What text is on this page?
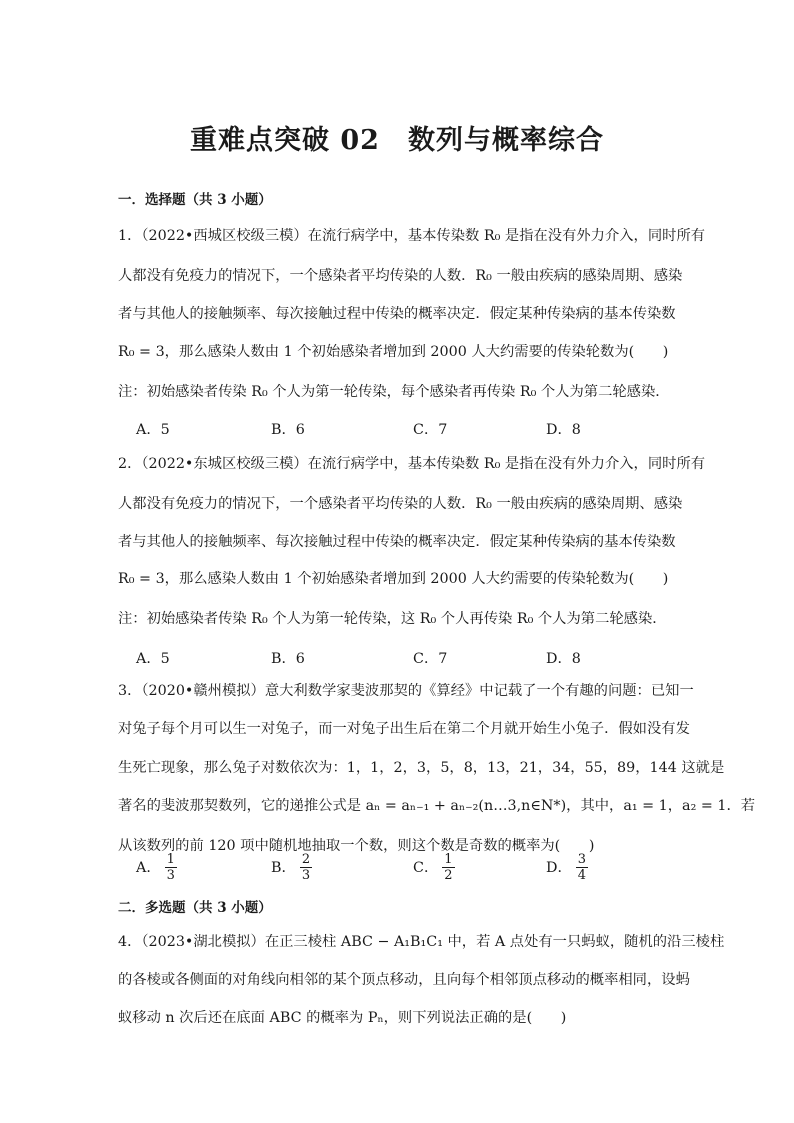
重难点突破 02　数列与概率综合
一．选择题（共 3 小题）
1．（2022•西城区校级三模）在流行病学中，基本传染数 R₀ 是指在没有外力介入，同时所有
人都没有免疫力的情况下，一个感染者平均传染的人数．R₀ 一般由疾病的感染周期、感染
者与其他人的接触频率、每次接触过程中传染的概率决定．假定某种传染病的基本传染数
R₀ = 3，那么感染人数由 1 个初始感染者增加到 2000 人大约需要的传染轮数为(　　)
注：初始感染者传染 R₀ 个人为第一轮传染，每个感染者再传染 R₀ 个人为第二轮感染．
A．5	B．6	C．7	D．8
2．（2022•东城区校级三模）在流行病学中，基本传染数 R₀ 是指在没有外力介入，同时所有
人都没有免疫力的情况下，一个感染者平均传染的人数．R₀ 一般由疾病的感染周期、感染
者与其他人的接触频率、每次接触过程中传染的概率决定．假定某种传染病的基本传染数
R₀ = 3，那么感染人数由 1 个初始感染者增加到 2000 人大约需要的传染轮数为(　　)
注：初始感染者传染 R₀ 个人为第一轮传染，这 R₀ 个人再传染 R₀ 个人为第二轮感染．
A．5	B．6	C．7	D．8
3．（2020•赣州模拟）意大利数学家斐波那契的《算经》中记载了一个有趣的问题：已知一
对兔子每个月可以生一对兔子，而一对兔子出生后在第二个月就开始生小兔子．假如没有发
生死亡现象，那么兔子对数依次为：1，1，2，3，5，8，13，21，34，55，89，144 这就是
著名的斐波那契数列，它的递推公式是 aₙ = aₙ₋₁ + aₙ₋₂(n…3,n∈N*)，其中，a₁ = 1，a₂ = 1．若
从该数列的前 120 项中随机地抽取一个数，则这个数是奇数的概率为(　　)
A． $\frac{1}{3}$	B． $\frac{2}{3}$	C． $\frac{1}{2}$	D． $\frac{3}{4}$
二．多选题（共 3 小题）
4．（2023•湖北模拟）在正三棱柱 ABC − A₁B₁C₁ 中，若 A 点处有一只蚂蚁，随机的沿三棱柱
的各棱或各侧面的对角线向相邻的某个顶点移动，且向每个相邻顶点移动的概率相同，设蚂
蚁移动 n 次后还在底面 ABC 的概率为 Pₙ，则下列说法正确的是(　　)
